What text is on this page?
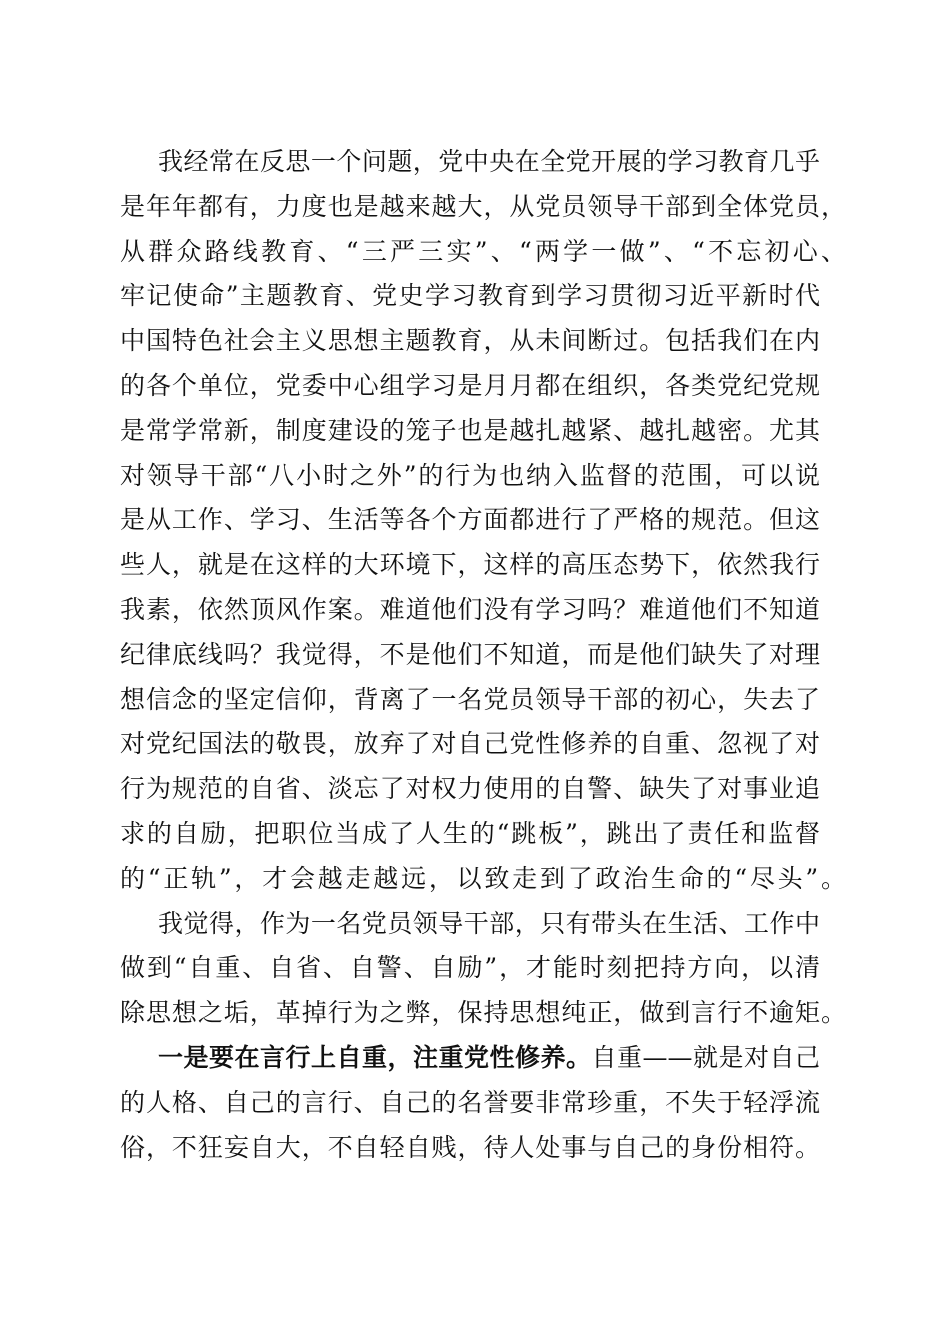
我经常在反思一个问题，党中央在全党开展的学习教育几乎
是年年都有，力度也是越来越大，从党员领导干部到全体党员，
从群众路线教育、“三严三实”、“两学一做”、“不忘初心、
牢记使命”主题教育、党史学习教育到学习贯彻习近平新时代
中国特色社会主义思想主题教育，从未间断过。包括我们在内
的各个单位，党委中心组学习是月月都在组织，各类党纪党规
是常学常新，制度建设的笼子也是越扎越紧、越扎越密。尤其
对领导干部“八小时之外”的行为也纳入监督的范围，可以说
是从工作、学习、生活等各个方面都进行了严格的规范。但这
些人，就是在这样的大环境下，这样的高压态势下，依然我行
我素，依然顶风作案。难道他们没有学习吗？难道他们不知道
纪律底线吗？我觉得，不是他们不知道，而是他们缺失了对理
想信念的坚定信仰，背离了一名党员领导干部的初心，失去了
对党纪国法的敬畏，放弃了对自己党性修养的自重、忽视了对
行为规范的自省、淡忘了对权力使用的自警、缺失了对事业追
求的自励，把职位当成了人生的“跳板”，跳出了责任和监督
的“正轨”，才会越走越远，以致走到了政治生命的“尽头”。
我觉得，作为一名党员领导干部，只有带头在生活、工作中
做到“自重、自省、自警、自励”，才能时刻把持方向，以清
除思想之垢，革掉行为之弊，保持思想纯正，做到言行不逾矩。
一是要在言行上自重，注重党性修养。自重——就是对自己
的人格、自己的言行、自己的名誉要非常珍重，不失于轻浮流
俗，不狂妄自大，不自轻自贱，待人处事与自己的身份相符。
